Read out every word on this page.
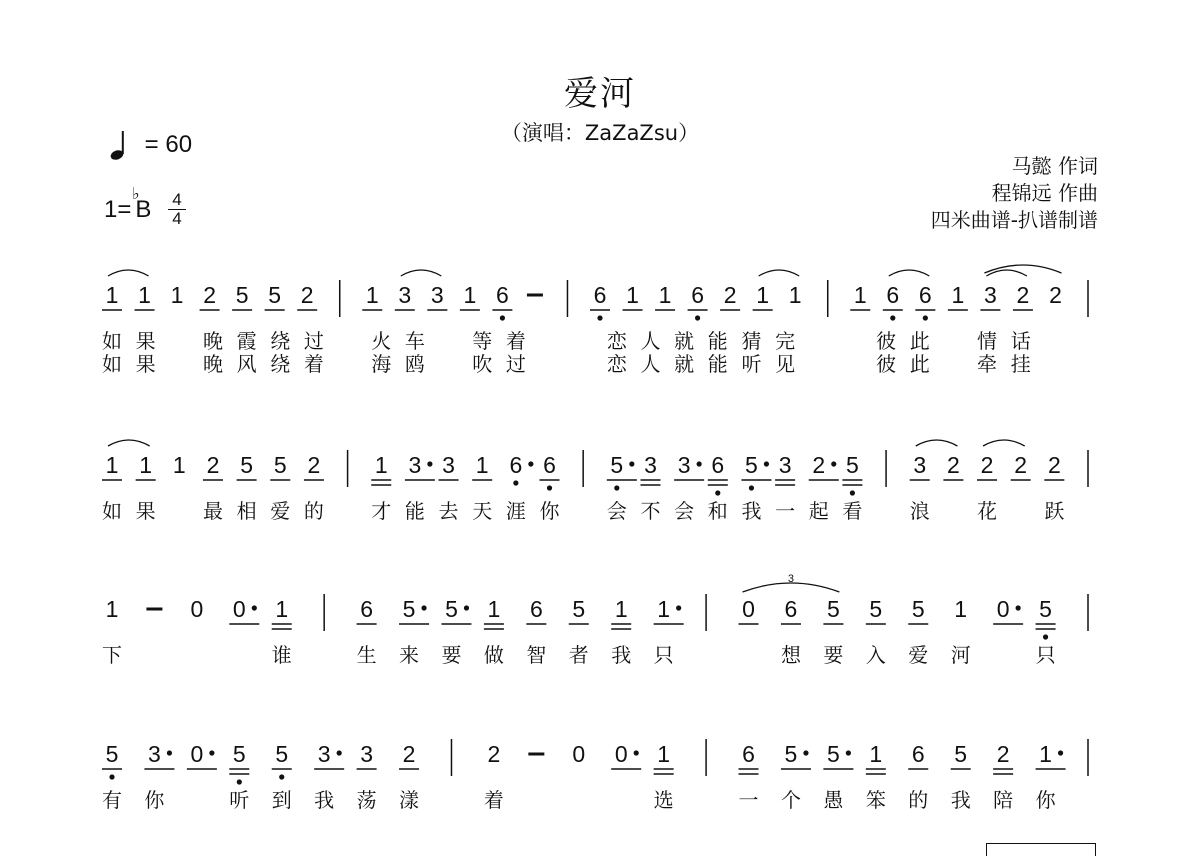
爱河
（演唱：ZaZaZsu）
= 60
1=
♭
B 4
4
马懿 作词
程锦远 作曲
四米曲谱-扒谱制谱
1 1 1 2 5 5 2 1 3 3 1 6	6 1 1 6 2 1 1 1 6 6 1 3 2 2
如 果 晚 霞 绕 过 火 车 等 着	恋 人 就 能 猜 完	彼 此 情 话
如 果 晚 风 绕 着 海 鸥 吹 过	恋 人 就 能 听 见	彼 此 牵 挂
1 1 1 2 5 5 2 1 3 3 1 6 6 5 3 3 6 5 3 2 5 3 2 2 2 2
如 果 最 相 爱 的 才 能 去 天 涯 你 会 不 会 和 我 一 起 看 浪 花 跃
1	0 0 1	6 5 5 1 6 5 1 1	0 6 5
3
5 5 1 0 5
下	谁	生 来 要 做 智 者 我 只	想 要 入 爱 河	只
5 3 0 5 5 3 3 2	2	0 0 1	6 5 5 1 6 5 2 1
有 你	听 到 我 荡 漾	着	选	一 个 愚 笨 的 我 陪 你
